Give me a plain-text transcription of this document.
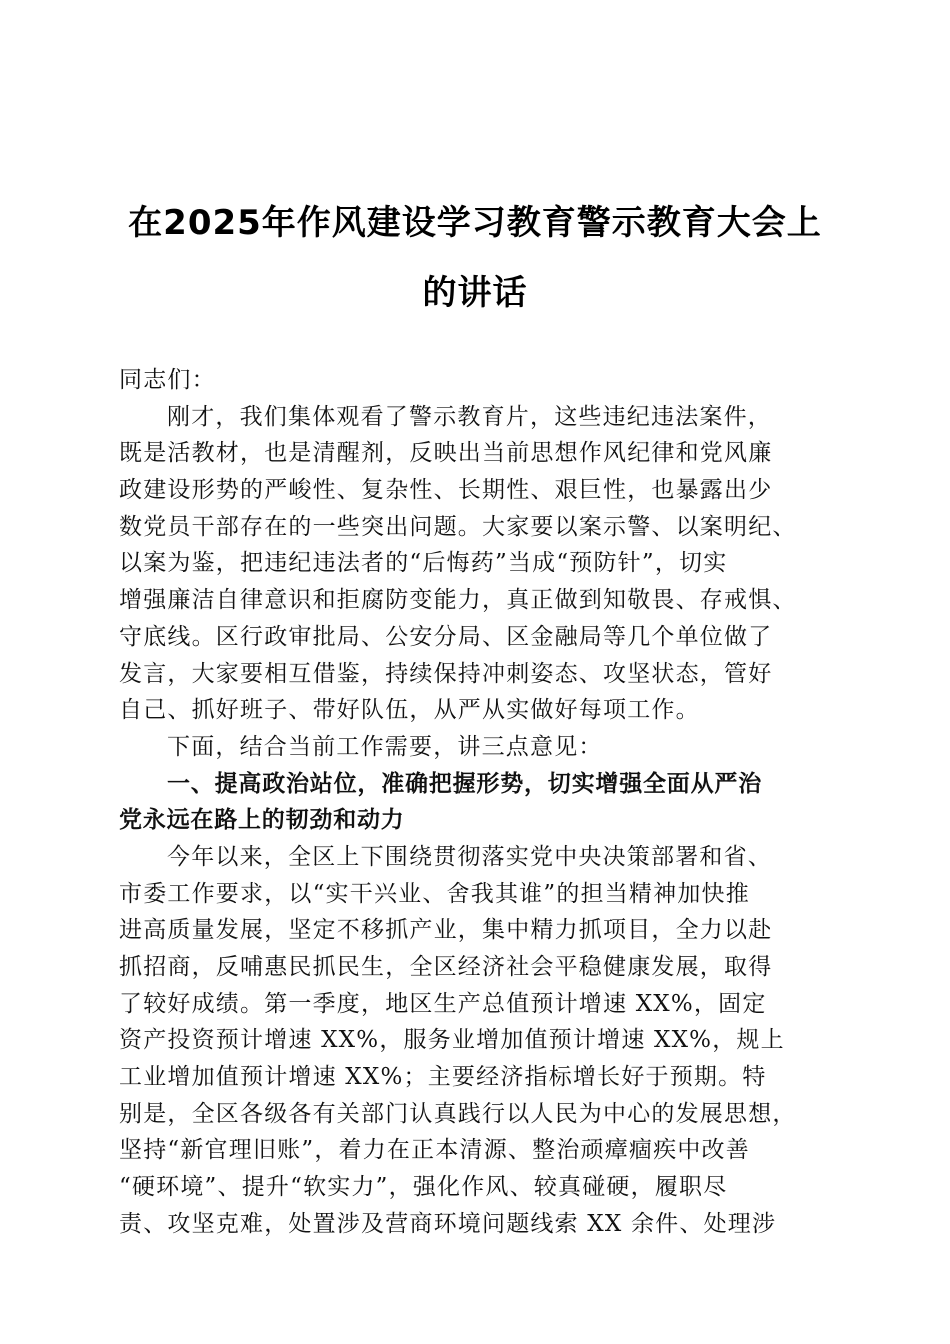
在2025年作风建设学习教育警示教育大会上
的讲话
同志们：
刚才，我们集体观看了警示教育片，这些违纪违法案件，
既是活教材，也是清醒剂，反映出当前思想作风纪律和党风廉
政建设形势的严峻性、复杂性、长期性、艰巨性，也暴露出少
数党员干部存在的一些突出问题。大家要以案示警、以案明纪、
以案为鉴，把违纪违法者的“后悔药”当成“预防针”，切实
增强廉洁自律意识和拒腐防变能力，真正做到知敬畏、存戒惧、
守底线。区行政审批局、公安分局、区金融局等几个单位做了
发言，大家要相互借鉴，持续保持冲刺姿态、攻坚状态，管好
自己、抓好班子、带好队伍，从严从实做好每项工作。
下面，结合当前工作需要，讲三点意见：
一、提高政治站位，准确把握形势，切实增强全面从严治
党永远在路上的韧劲和动力
今年以来，全区上下围绕贯彻落实党中央决策部署和省、
市委工作要求，以“实干兴业、舍我其谁”的担当精神加快推
进高质量发展，坚定不移抓产业，集中精力抓项目，全力以赴
抓招商，反哺惠民抓民生，全区经济社会平稳健康发展，取得
了较好成绩。第一季度，地区生产总值预计增速 XX%，固定
资产投资预计增速 XX%，服务业增加值预计增速 XX%，规上
工业增加值预计增速 XX%；主要经济指标增长好于预期。特
别是，全区各级各有关部门认真践行以人民为中心的发展思想，
坚持“新官理旧账”，着力在正本清源、整治顽瘴痼疾中改善
“硬环境”、提升“软实力”，强化作风、较真碰硬，履职尽
责、攻坚克难，处置涉及营商环境问题线索 XX 余件、处理涉
